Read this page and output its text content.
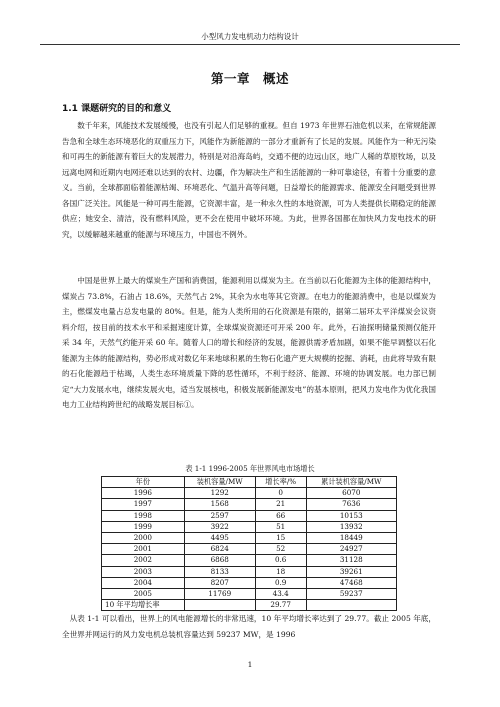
小型风力发电机动力结构设计
第一章　概述
1.1 课题研究的目的和意义

数千年来，风能技术发展缓慢，也没有引起人们足够的重视。但自 1973 年世界石油危机以来，在常规能源告急和全球生态环境恶化的双重压力下，风能作为新能源的一部分才重新有了长足的发展。风能作为一种无污染和可再生的新能源有着巨大的发展潜力，特别是对沿海岛屿，交通不便的边远山区，地广人稀的草原牧场，以及远离电网和近期内电网还难以达到的农村、边疆，作为解决生产和生活能源的一种可靠途径，有着十分重要的意义。 当前，全球都面临着能源枯竭、环境恶化、气温升高等问题，日益增长的能源需求、能源安全问题受到世界各国广泛关注。风能是一种可再生能源，它资源丰富，是一种永久性的本地资源，可为人类提供长期稳定的能源供应；她安全、清洁，没有燃料风险，更不会在使用中破坏环境。为此，世界各国都在加快风力发电技术的研究，以缓解越来越重的能源与环境压力，中国也不例外。

中国是世界上最大的煤炭生产国和消费国，能源利用以煤炭为主。在当前以石化能源为主体的能源结构中，煤炭占 73.8%，石油占 18.6%，天然气占 2%，其余为水电等其它资源。在电力的能源消费中，也是以煤炭为主，燃煤发电量占总发电量的 80%。但是，能为人类所用的石化资源是有限的，据第二届环太平洋煤炭会议资料介绍，按目前的技术水平和采掘速度计算，全球煤炭资源还可开采 200 年。此外，石油探明储量预测仅能开采 34 年，天然气约能开采 60 年。随着人口的增长和经济的发展，能源供需矛盾加剧，如果不能早调整以石化能源为主体的能源结构，势必形成对数亿年来地球积累的生物石化遗产更大规模的挖掘、消耗，由此将导致有限的石化能源趋于枯竭，人类生态环境质量下降的恶性循环，不利于经济、能源、环境的协调发展。电力部已制定“大力发展水电，继续发展火电，适当发展核电，积极发展新能源发电”的基本原则，把风力发电作为优化我国电力工业结构跨世纪的战略发展目标①。

表 1-1 1996-2005 年世界风电市场增长
年份	装机容量/MW	增长率/%	累计装机容量/MW
1996	1292	0	6070
1997	1568	21	7636
1998	2597	66	10153
1999	3922	51	13932
2000	4495	15	18449
2001	6824	52	24927
2002	6868	0.6	31128
2003	8133	18	39261
2004	8207	0.9	47468
2005	11769	43.4	59237
10 年平均增长率		29.77	

从表 1-1 可以看出，世界上的风电能源增长的非常迅速，10 年平均增长率达到了 29.77。截止 2005 年底，全世界并网运行的风力发电机总装机容量达到 59237 MW，是 1996

1
